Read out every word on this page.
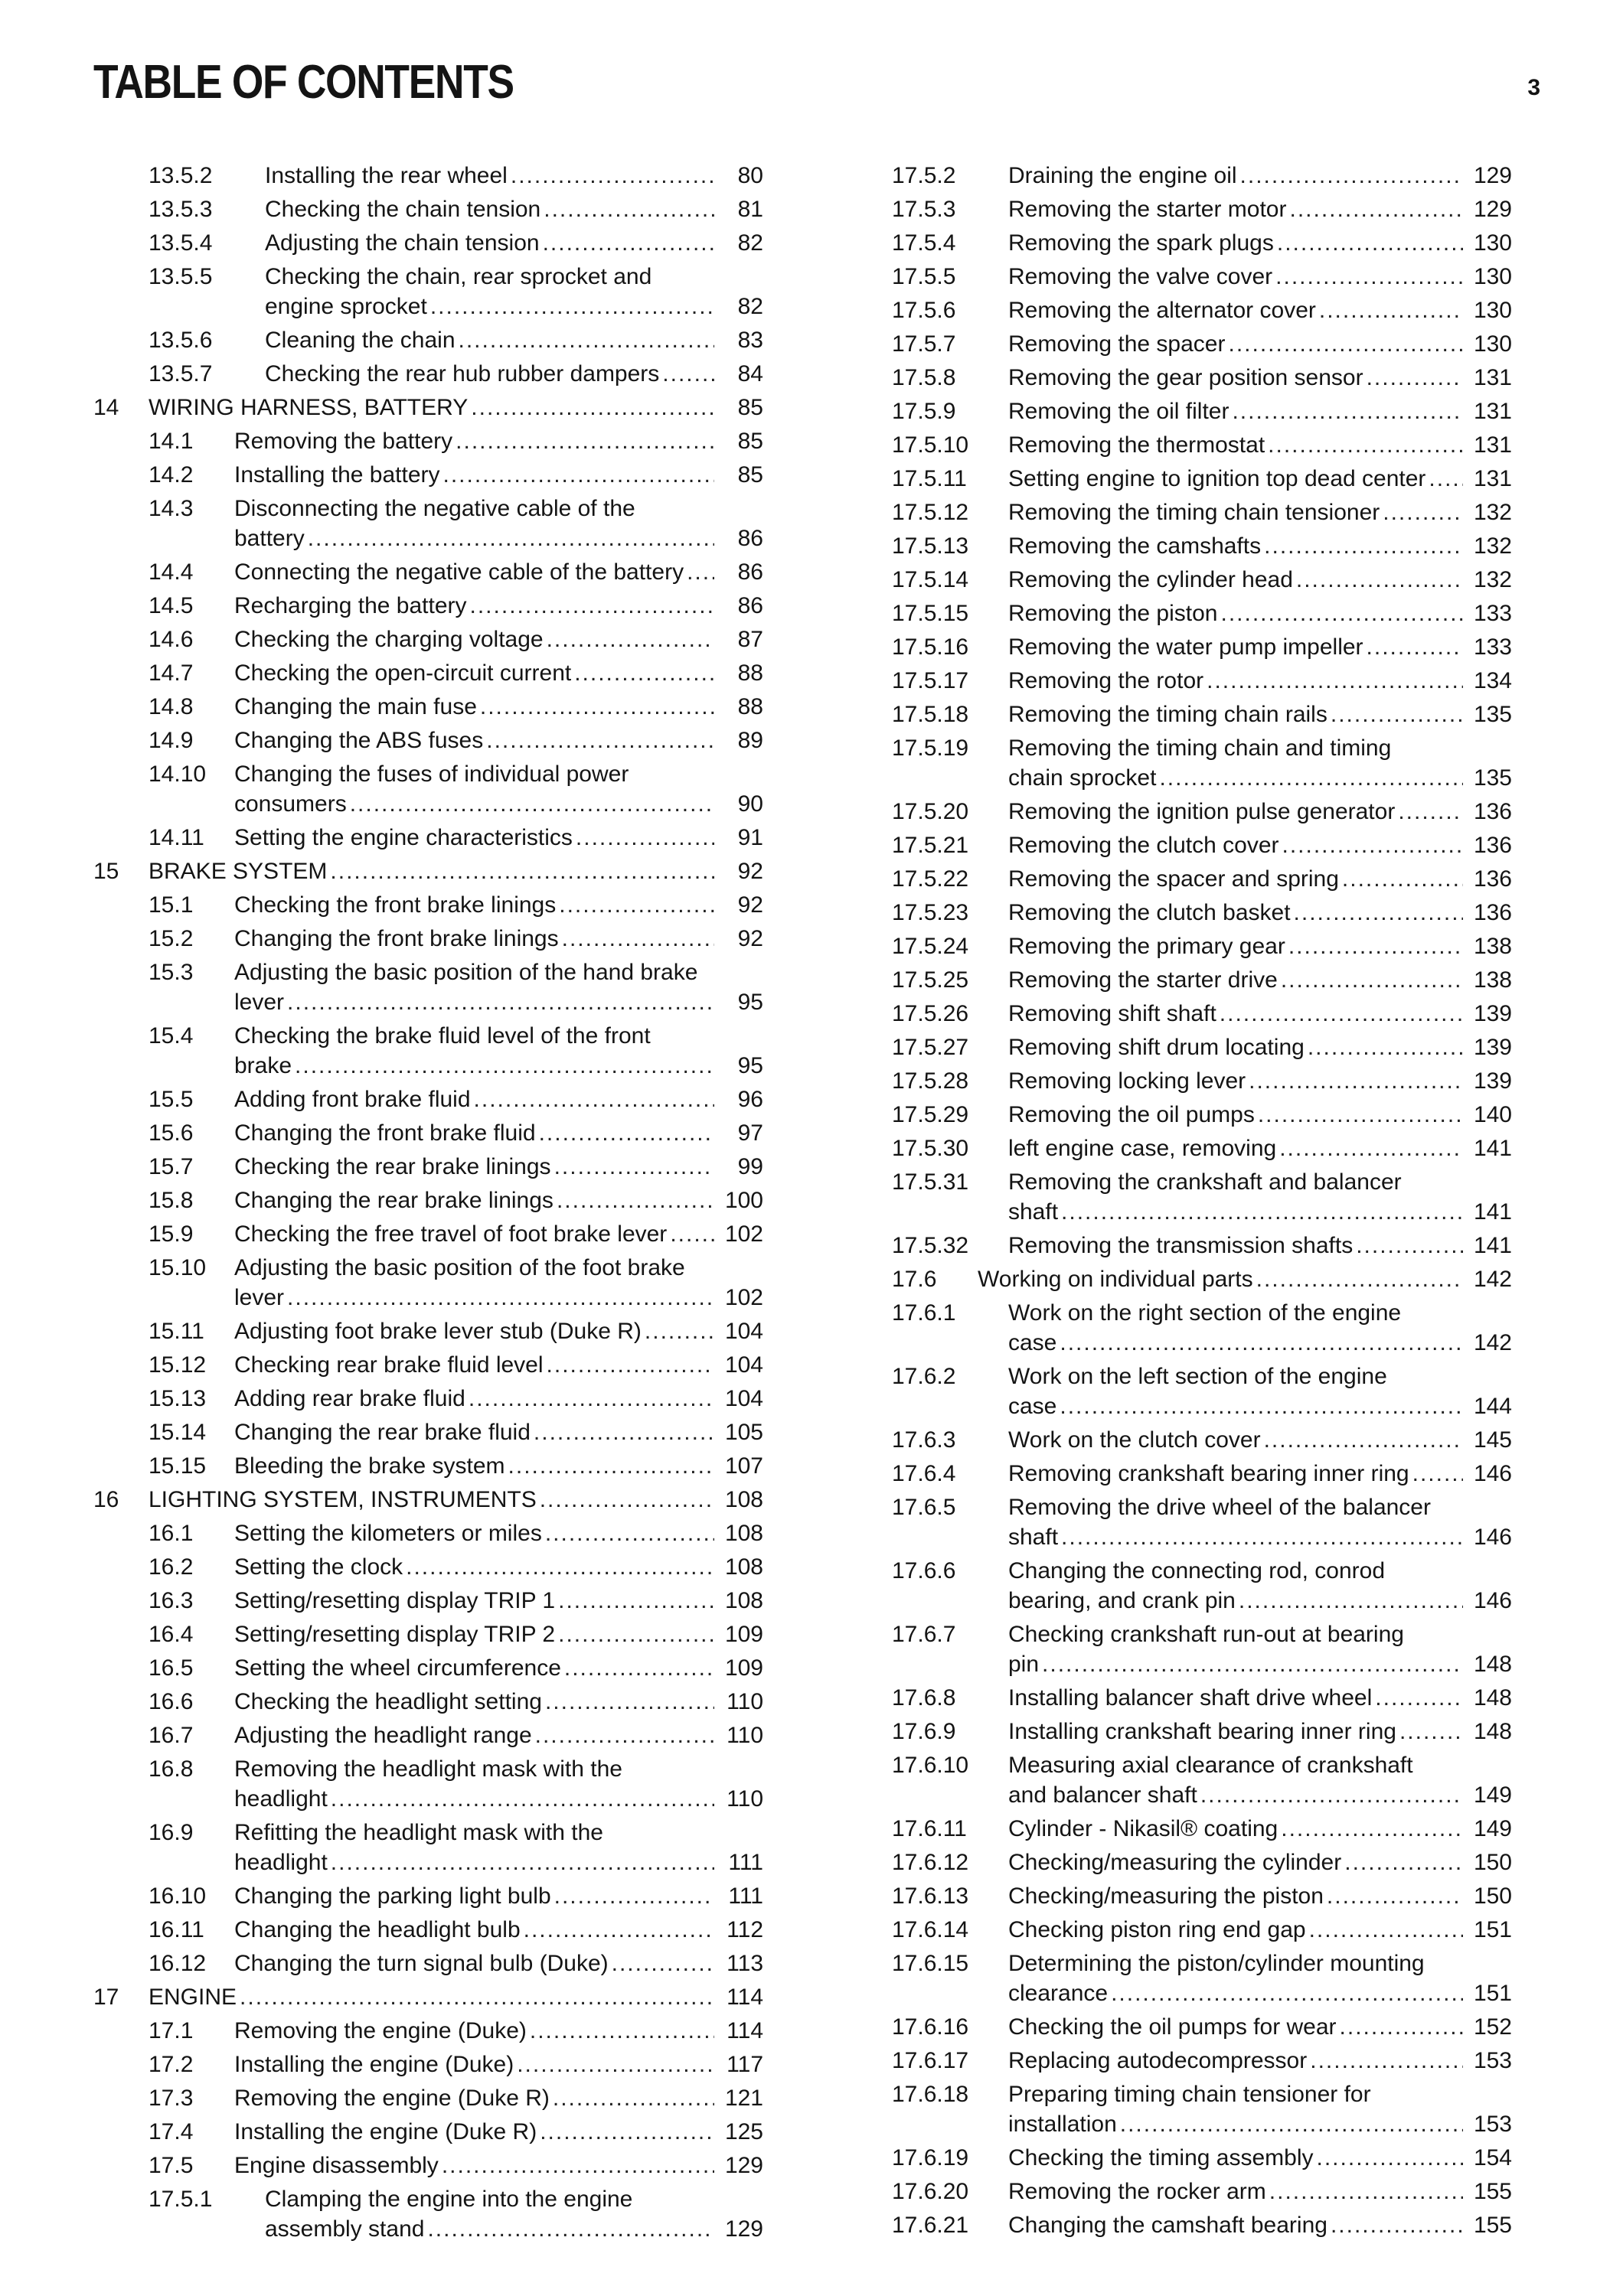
TABLE OF CONTENTS	3
13.5.2 Installing the rear wheel .....	80
13.5.3 Checking the chain tension .....	81
13.5.4 Adjusting the chain tension .....	82
13.5.5 Checking the chain, rear sprocket and
engine sprocket .....	82
13.5.6 Cleaning the chain .....	83
13.5.7 Checking the rear hub rubber dampers .....	84
14 WIRING HARNESS, BATTERY .....	85
14.1 Removing the battery .....	85
14.2 Installing the battery .....	85
14.3 Disconnecting the negative cable of the
battery .....	86
14.4 Connecting the negative cable of the battery .....	86
14.5 Recharging the battery .....	86
14.6 Checking the charging voltage .....	87
14.7 Checking the open-circuit current .....	88
14.8 Changing the main fuse .....	88
14.9 Changing the ABS fuses .....	89
14.10 Changing the fuses of individual power
consumers .....	90
14.11 Setting the engine characteristics .....	91
15 BRAKE SYSTEM .....	92
15.1 Checking the front brake linings .....	92
15.2 Changing the front brake linings .....	92
15.3 Adjusting the basic position of the hand brake
lever .....	95
15.4 Checking the brake fluid level of the front
brake .....	95
15.5 Adding front brake fluid .....	96
15.6 Changing the front brake fluid .....	97
15.7 Checking the rear brake linings .....	99
15.8 Changing the rear brake linings .....	100
15.9 Checking the free travel of foot brake lever .....	102
15.10 Adjusting the basic position of the foot brake
lever .....	102
15.11 Adjusting foot brake lever stub (Duke R) .....	104
15.12 Checking rear brake fluid level .....	104
15.13 Adding rear brake fluid .....	104
15.14 Changing the rear brake fluid .....	105
15.15 Bleeding the brake system .....	107
16 LIGHTING SYSTEM, INSTRUMENTS .....	108
16.1 Setting the kilometers or miles .....	108
16.2 Setting the clock .....	108
16.3 Setting/resetting display TRIP 1 .....	108
16.4 Setting/resetting display TRIP 2 .....	109
16.5 Setting the wheel circumference .....	109
16.6 Checking the headlight setting .....	110
16.7 Adjusting the headlight range .....	110
16.8 Removing the headlight mask with the
headlight .....	110
16.9 Refitting the headlight mask with the
headlight .....	111
16.10 Changing the parking light bulb .....	111
16.11 Changing the headlight bulb .....	112
16.12 Changing the turn signal bulb (Duke) .....	113
17 ENGINE .....	114
17.1 Removing the engine (Duke) .....	114
17.2 Installing the engine (Duke) .....	117
17.3 Removing the engine (Duke R) .....	121
17.4 Installing the engine (Duke R) .....	125
17.5 Engine disassembly .....	129
17.5.1 Clamping the engine into the engine
assembly stand .....	129
17.5.2 Draining the engine oil .....	129
17.5.3 Removing the starter motor .....	129
17.5.4 Removing the spark plugs .....	130
17.5.5 Removing the valve cover .....	130
17.5.6 Removing the alternator cover .....	130
17.5.7 Removing the spacer .....	130
17.5.8 Removing the gear position sensor .....	131
17.5.9 Removing the oil filter .....	131
17.5.10 Removing the thermostat .....	131
17.5.11 Setting engine to ignition top dead center .....	131
17.5.12 Removing the timing chain tensioner .....	132
17.5.13 Removing the camshafts .....	132
17.5.14 Removing the cylinder head .....	132
17.5.15 Removing the piston .....	133
17.5.16 Removing the water pump impeller .....	133
17.5.17 Removing the rotor .....	134
17.5.18 Removing the timing chain rails .....	135
17.5.19 Removing the timing chain and timing
chain sprocket .....	135
17.5.20 Removing the ignition pulse generator .....	136
17.5.21 Removing the clutch cover .....	136
17.5.22 Removing the spacer and spring .....	136
17.5.23 Removing the clutch basket .....	136
17.5.24 Removing the primary gear .....	138
17.5.25 Removing the starter drive .....	138
17.5.26 Removing shift shaft .....	139
17.5.27 Removing shift drum locating .....	139
17.5.28 Removing locking lever .....	139
17.5.29 Removing the oil pumps .....	140
17.5.30 left engine case, removing .....	141
17.5.31 Removing the crankshaft and balancer
shaft .....	141
17.5.32 Removing the transmission shafts .....	141
17.6 Working on individual parts .....	142
17.6.1 Work on the right section of the engine
case .....	142
17.6.2 Work on the left section of the engine
case .....	144
17.6.3 Work on the clutch cover .....	145
17.6.4 Removing crankshaft bearing inner ring .....	146
17.6.5 Removing the drive wheel of the balancer
shaft .....	146
17.6.6 Changing the connecting rod, conrod
bearing, and crank pin .....	146
17.6.7 Checking crankshaft run-out at bearing
pin .....	148
17.6.8 Installing balancer shaft drive wheel .....	148
17.6.9 Installing crankshaft bearing inner ring .....	148
17.6.10 Measuring axial clearance of crankshaft
and balancer shaft .....	149
17.6.11 Cylinder - Nikasil® coating .....	149
17.6.12 Checking/measuring the cylinder .....	150
17.6.13 Checking/measuring the piston .....	150
17.6.14 Checking piston ring end gap .....	151
17.6.15 Determining the piston/cylinder mounting
clearance .....	151
17.6.16 Checking the oil pumps for wear .....	152
17.6.17 Replacing autodecompressor .....	153
17.6.18 Preparing timing chain tensioner for
installation .....	153
17.6.19 Checking the timing assembly .....	154
17.6.20 Removing the rocker arm .....	155
17.6.21 Changing the camshaft bearing .....	155
